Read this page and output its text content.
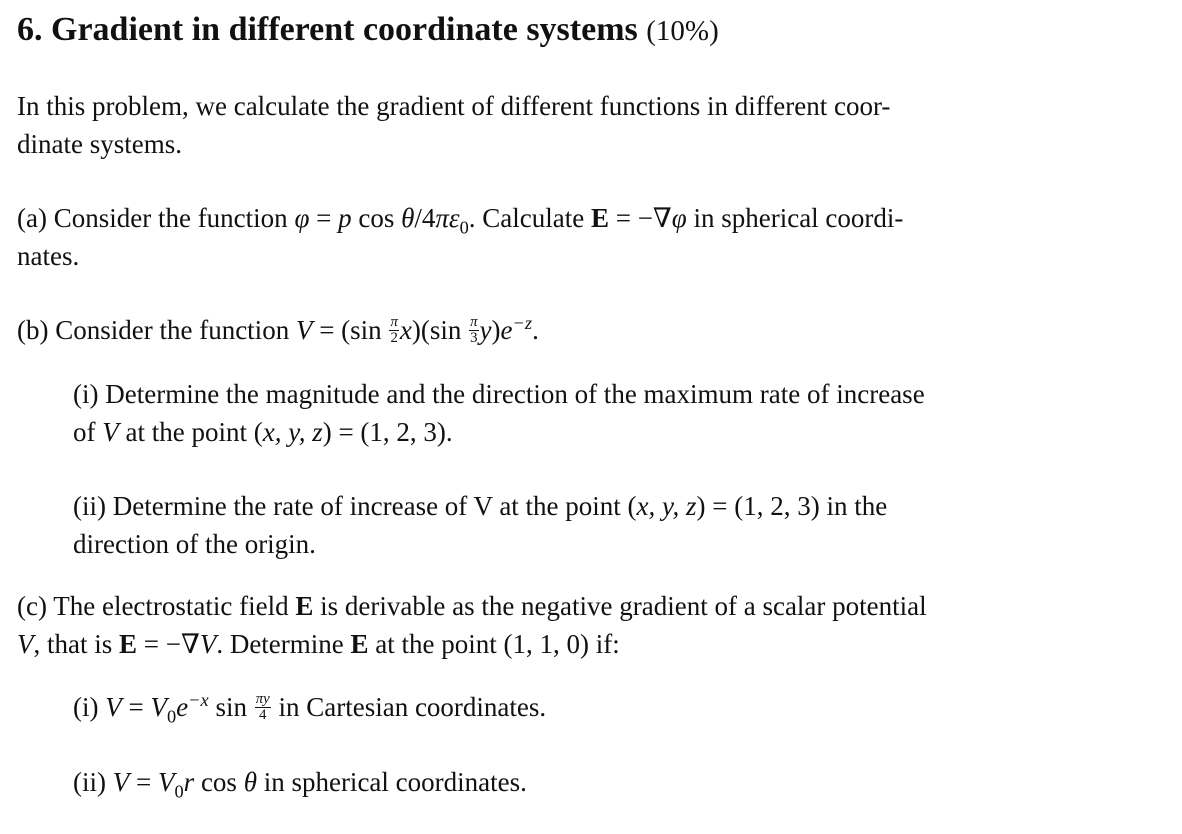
6. Gradient in different coordinate systems (10%)
In this problem, we calculate the gradient of different functions in different coor-
dinate systems.
(a) Consider the function φ = p $\cos \theta/4\pi\varepsilon_0$. Calculate E = −∇φ in spherical coordi-
nates.
(b) Consider the function $V = (\sin \frac{\pi}{2} x)(\sin \frac{\pi}{3} y)e^{-z}$.
(i) Determine the magnitude and the direction of the maximum rate of increase
of V at the point (x, y, z) = (1, 2, 3).
(ii) Determine the rate of increase of V at the point (x, y, z) = (1, 2, 3) in the
direction of the origin.
(c) The electrostatic field E is derivable as the negative gradient of a scalar potential
V, that is E = −∇V. Determine E at the point (1, 1, 0) if:
(i) $V = V_0e^{-x}$ $\sin \frac{\pi y}{4}$ in Cartesian coordinates.
(ii) $V = V_0r$ cos θ in spherical coordinates.
